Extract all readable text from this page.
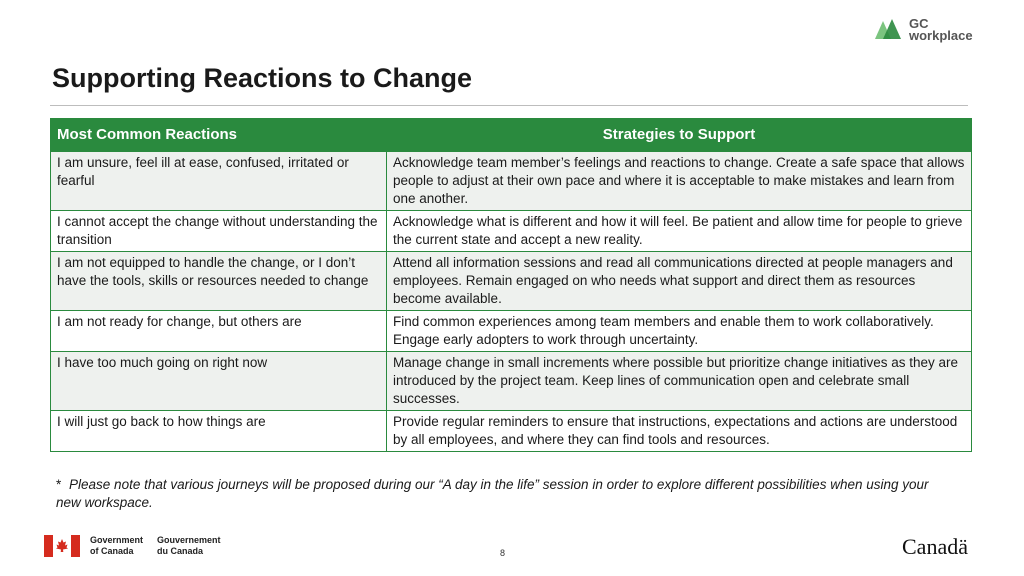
GC
workplace
Supporting Reactions to Change
Most Common Reactions	Strategies to Support
I am unsure, feel ill at ease, confused, irritated or fearful	Acknowledge team member’s feelings and reactions to change. Create a safe space that allows people to adjust at their own pace and where it is acceptable to make mistakes and learn from one another.
I cannot accept the change without understanding the transition	Acknowledge what is different and how it will feel. Be patient and allow time for people to grieve the current state and accept a new reality.
I am not equipped to handle the change, or I don’t have the tools, skills or resources needed to change	Attend all information sessions and read all communications directed at people managers and employees. Remain engaged on who needs what support and direct them as resources become available.
I am not ready for change, but others are	Find common experiences among team members and enable them to work collaboratively. Engage early adopters to work through uncertainty.
I have too much going on right now	Manage change in small increments where possible but prioritize change initiatives as they are introduced by the project team. Keep lines of communication open and celebrate small successes.
I will just go back to how things are	Provide regular reminders to ensure that instructions, expectations and actions are understood by all employees, and where they can find tools and resources.
* Please note that various journeys will be proposed during our “A day in the life” session in order to explore different possibilities when using your new workspace.
Government
of Canada
Gouvernement
du Canada	8	Canadä
